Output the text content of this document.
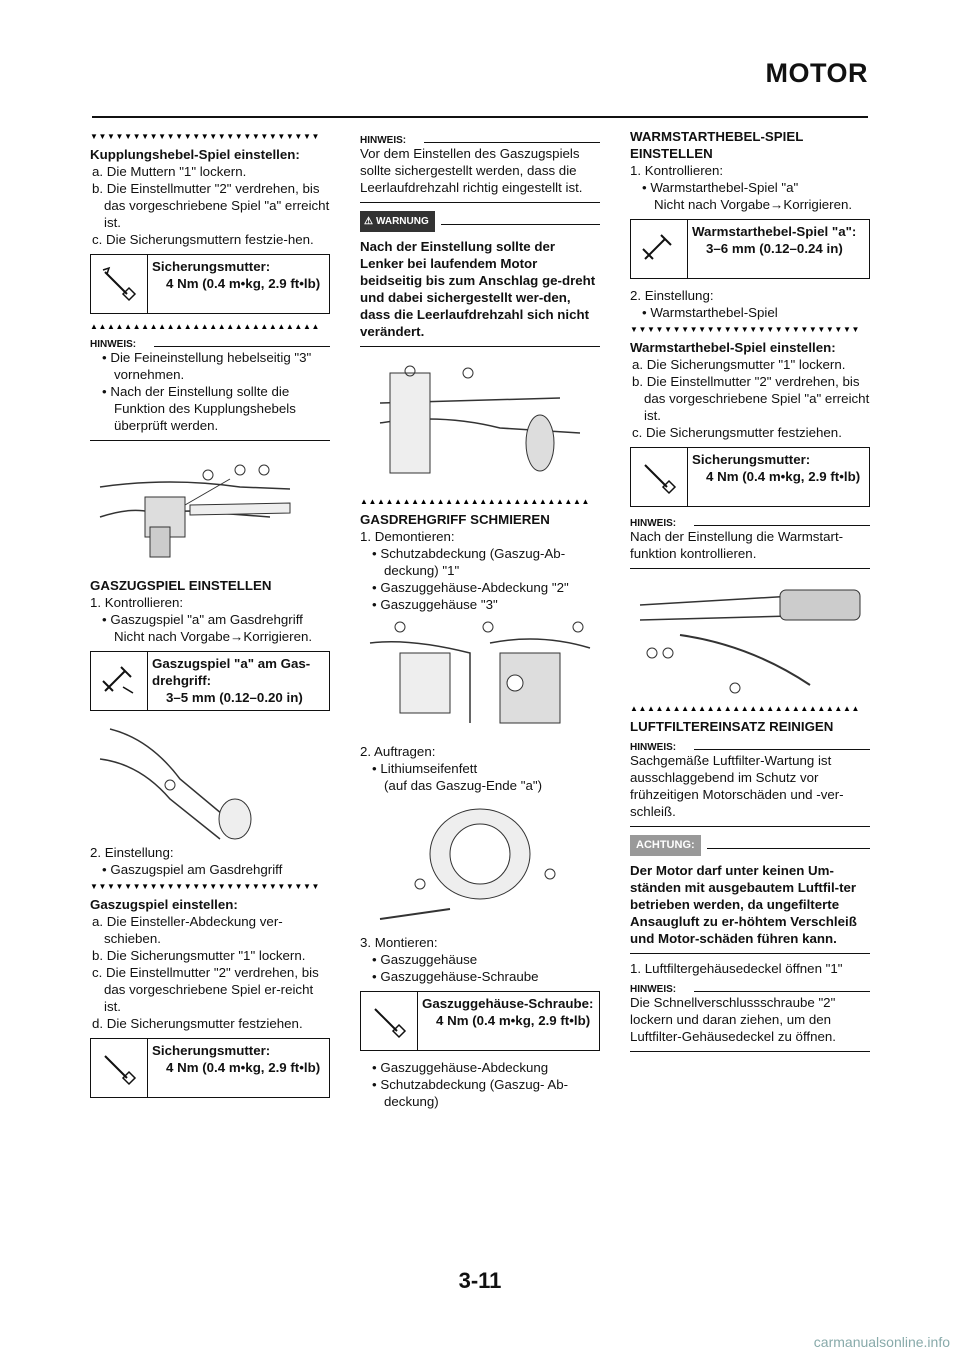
MOTOR
▼▼▼▼▼▼▼▼▼▼▼▼▼▼▼▼▼▼▼▼▼▼▼▼▼▼▼

Kupplungshebel-Spiel einstellen:

a. Die Muttern "1" lockern.

b. Die Einstellmutter "2" verdrehen, bis das vorgeschriebene Spiel "a" erreicht ist.

c. Die Sicherungsmuttern festzie-hen.

Sicherungsmutter:
4 Nm (0.4 m•kg, 2.9 ft•lb)
▲▲▲▲▲▲▲▲▲▲▲▲▲▲▲▲▲▲▲▲▲▲▲▲▲▲▲
HINWEIS:

• Die Feineinstellung hebelseitig "3" vornehmen.

• Nach der Einstellung sollte die Funktion des Kupplungshebels überprüft werden.

GASZUGSPIEL EINSTELLEN

1. Kontrollieren:

• Gaszugspiel "a" am Gasdrehgriff

Nicht nach Vorgabe→Korrigieren.

Gaszugspiel "a" am Gas-drehgriff:
3–5 mm (0.12–0.20 in)

2. Einstellung:

• Gaszugspiel am Gasdrehgriff

▼▼▼▼▼▼▼▼▼▼▼▼▼▼▼▼▼▼▼▼▼▼▼▼▼▼▼

Gaszugspiel einstellen:

a. Die Einsteller-Abdeckung ver-schieben.

b. Die Sicherungsmutter "1" lockern.

c. Die Einstellmutter "2" verdrehen, bis das vorgeschriebene Spiel er-reicht ist.

d. Die Sicherungsmutter festziehen.

Sicherungsmutter:
4 Nm (0.4 m•kg, 2.9 ft•lb)
HINWEIS:

Vor dem Einstellen des Gaszugspiels sollte sichergestellt werden, dass die Leerlaufdrehzahl richtig eingestellt ist.

⚠ WARNUNG

Nach der Einstellung sollte der Lenker bei laufendem Motor beidseitig bis zum Anschlag ge-dreht und dabei sichergestellt wer-den, dass die Leerlaufdrehzahl sich nicht verändert.

▲▲▲▲▲▲▲▲▲▲▲▲▲▲▲▲▲▲▲▲▲▲▲▲▲▲▲

GASDREHGRIFF SCHMIEREN

1. Demontieren:

• Schutzabdeckung (Gaszug-Ab-deckung) "1"

• Gaszuggehäuse-Abdeckung "2"

• Gaszuggehäuse "3"

2. Auftragen:

• Lithiumseifenfett

(auf das Gaszug-Ende "a")

3. Montieren:

• Gaszuggehäuse

• Gaszuggehäuse-Schraube

Gaszuggehäuse-Schraube:
4 Nm (0.4 m•kg, 2.9 ft•lb)

• Gaszuggehäuse-Abdeckung

• Schutzabdeckung (Gaszug- Ab-deckung)

WARMSTARTHEBEL-SPIEL EINSTELLEN

1. Kontrollieren:

• Warmstarthebel-Spiel "a"

Nicht nach Vorgabe→Korrigieren.

Warmstarthebel-Spiel "a":
3–6 mm (0.12–0.24 in)

2. Einstellung:

• Warmstarthebel-Spiel

▼▼▼▼▼▼▼▼▼▼▼▼▼▼▼▼▼▼▼▼▼▼▼▼▼▼▼

Warmstarthebel-Spiel einstellen:

a. Die Sicherungsmutter "1" lockern.

b. Die Einstellmutter "2" verdrehen, bis das vorgeschriebene Spiel "a" erreicht ist.

c. Die Sicherungsmutter festziehen.

Sicherungsmutter:
4 Nm (0.4 m•kg, 2.9 ft•lb)
HINWEIS:

Nach der Einstellung die Warmstart-funktion kontrollieren.

▲▲▲▲▲▲▲▲▲▲▲▲▲▲▲▲▲▲▲▲▲▲▲▲▲▲▲

LUFTFILTEREINSATZ REINIGEN

HINWEIS:

Sachgemäße Luftfilter-Wartung ist ausschlaggebend im Schutz vor frühzeitigen Motorschäden und -ver-schleiß.

ACHTUNG:

Der Motor darf unter keinen Um-ständen mit ausgebautem Luftfil-ter betrieben werden, da ungefilterte Ansaugluft zu er-höhtem Verschleiß und Motor-schäden führen kann.

1. Luftfiltergehäusedeckel öffnen "1"

HINWEIS:

Die Schnellverschlussschraube "2" lockern und daran ziehen, um den Luftfilter-Gehäusedeckel zu öffnen.

3-11
carmanualsonline.info
